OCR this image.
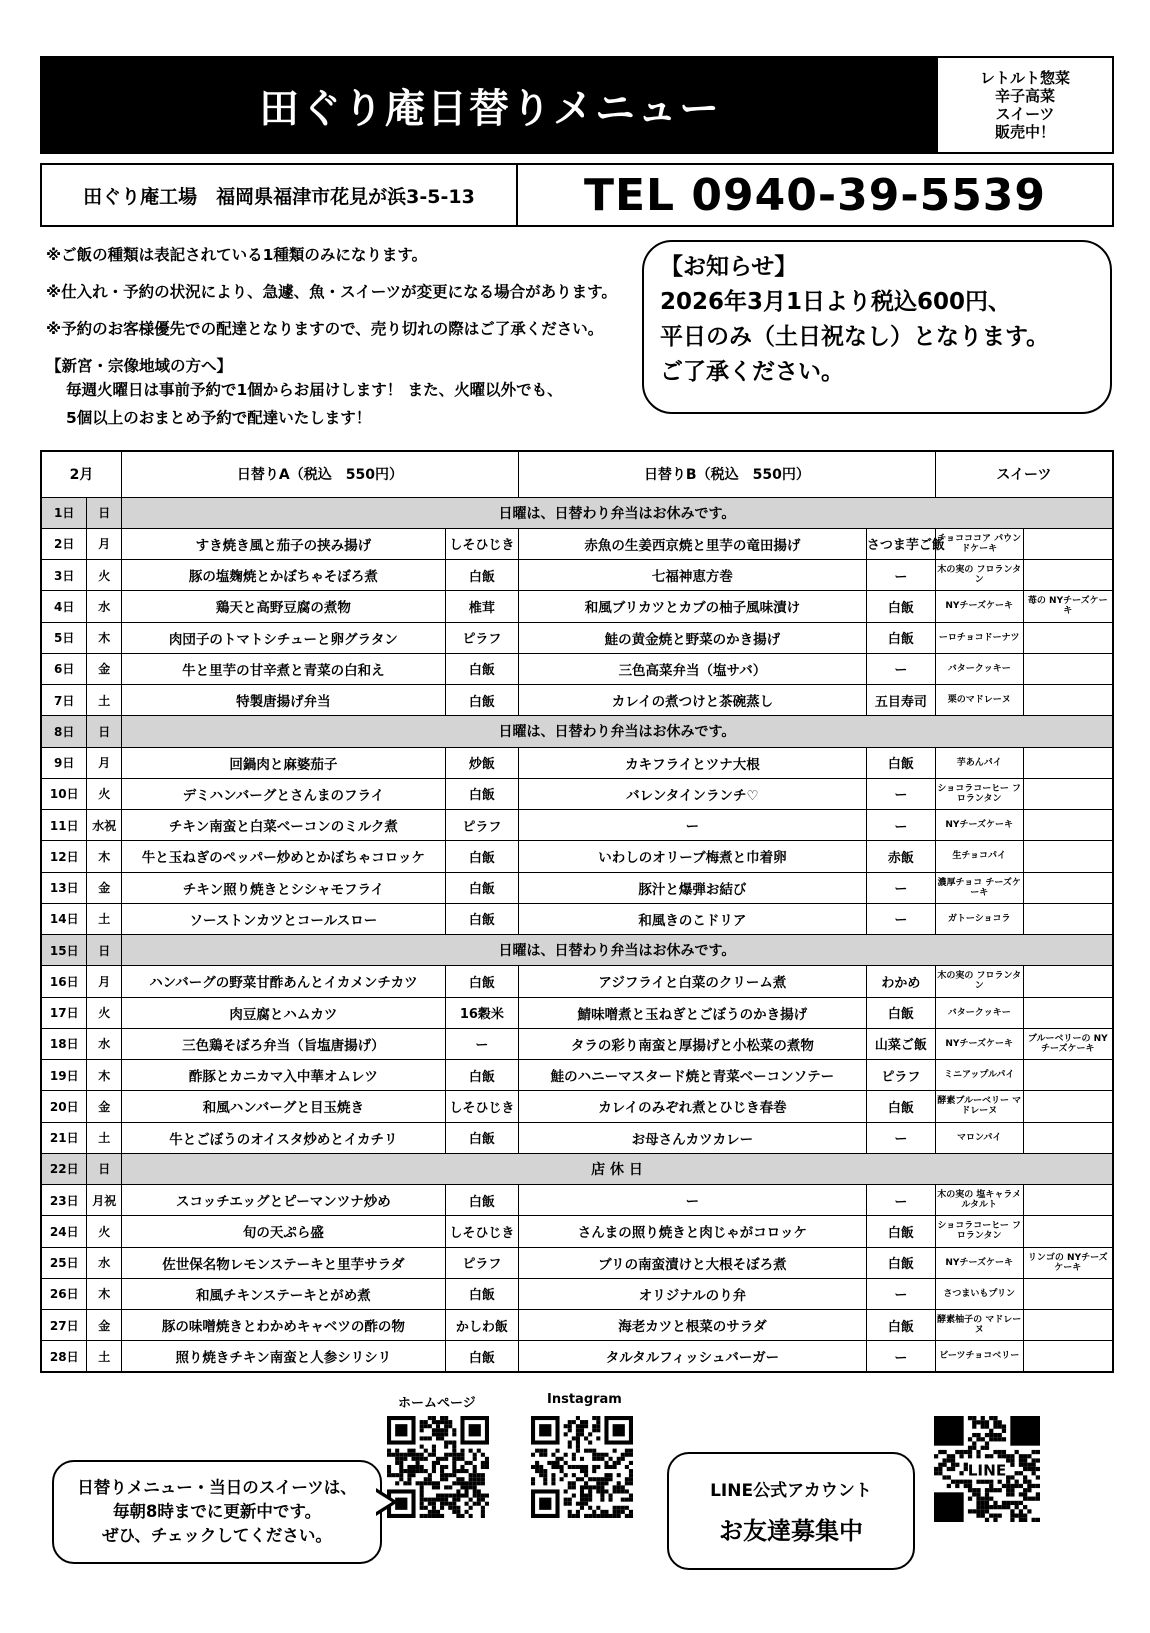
田ぐり庵日替りメニュー
レトルト惣菜
辛子高菜
スイーツ
販売中！
田ぐり庵工場　福岡県福津市花見が浜3-5-13	TEL 0940-39-5539
※ご飯の種類は表記されている1種類のみになります。
※仕入れ・予約の状況により、急遽、魚・スイーツが変更になる場合があります。
※予約のお客様優先での配達となりますので、売り切れの際はご了承ください。
【新宮・宗像地域の方へ】
毎週火曜日は事前予約で1個からお届けします！ また、火曜以外でも、
5個以上のおまとめ予約で配達いたします！
【お知らせ】
2026年3月1日より税込600円、
平日のみ（土日祝なし）となります。
ご了承ください。
2月		日替りA（税込　550円）		日替りB（税込　550円）		スイーツ	
1日	日	日曜は、日替わり弁当はお休みです。					
2日	月	すき焼き風と茄子の挟み揚げ	しそひじき	赤魚の生姜西京焼と里芋の竜田揚げ	さつま芋ご飯	チョコココア パウンドケーキ	
3日	火	豚の塩麹焼とかぼちゃそぼろ煮	白飯	七福神恵方巻	ー	木の実の フロランタン	
4日	水	鶏天と高野豆腐の煮物	椎茸	和風ブリカツとカブの柚子風味漬け	白飯	NYチーズケーキ	苺の NYチーズケーキ
5日	木	肉団子のトマトシチューと卵グラタン	ピラフ	鮭の黄金焼と野菜のかき揚げ	白飯	ーロチョコドーナツ	
6日	金	牛と里芋の甘辛煮と青菜の白和え	白飯	三色高菜弁当（塩サバ）	ー	バタークッキー	
7日	土	特製唐揚げ弁当	白飯	カレイの煮つけと茶碗蒸し	五目寿司	栗のマドレーヌ	
8日	日	日曜は、日替わり弁当はお休みです。					
9日	月	回鍋肉と麻婆茄子	炒飯	カキフライとツナ大根	白飯	芋あんパイ	
10日	火	デミハンバーグとさんまのフライ	白飯	バレンタインランチ♡	ー	ショコラコーヒー フロランタン	
11日	水祝	チキン南蛮と白菜ベーコンのミルク煮	ピラフ	ー	ー	NYチーズケーキ	
12日	木	牛と玉ねぎのペッパー炒めとかぼちゃコロッケ	白飯	いわしのオリーブ梅煮と巾着卵	赤飯	生チョコパイ	
13日	金	チキン照り焼きとシシャモフライ	白飯	豚汁と爆弾お結び	ー	濃厚チョコ チーズケーキ	
14日	土	ソーストンカツとコールスロー	白飯	和風きのこドリア	ー	ガトーショコラ	
15日	日	日曜は、日替わり弁当はお休みです。					
16日	月	ハンバーグの野菜甘酢あんとイカメンチカツ	白飯	アジフライと白菜のクリーム煮	わかめ	木の実の フロランタン	
17日	火	肉豆腐とハムカツ	16穀米	鯖味噌煮と玉ねぎとごぼうのかき揚げ	白飯	バタークッキー	
18日	水	三色鶏そぼろ弁当（旨塩唐揚げ）	ー	タラの彩り南蛮と厚揚げと小松菜の煮物	山菜ご飯	NYチーズケーキ	ブルーベリーの NYチーズケーキ
19日	木	酢豚とカニカマ入中華オムレツ	白飯	鮭のハニーマスタード焼と青菜ベーコンソテー	ピラフ	ミニアップルパイ	
20日	金	和風ハンバーグと目玉焼き	しそひじき	カレイのみぞれ煮とひじき春巻	白飯	酵素ブルーベリー マドレーヌ	
21日	土	牛とごぼうのオイスタ炒めとイカチリ	白飯	お母さんカツカレー	ー	マロンパイ	
22日	日	店 休 日					
23日	月祝	スコッチエッグとピーマンツナ炒め	白飯	ー	ー	木の実の 塩キャラメルタルト	
24日	火	旬の天ぷら盛	しそひじき	さんまの照り焼きと肉じゃがコロッケ	白飯	ショコラコーヒー フロランタン	
25日	水	佐世保名物レモンステーキと里芋サラダ	ピラフ	ブリの南蛮漬けと大根そぼろ煮	白飯	NYチーズケーキ	リンゴの NYチーズケーキ
26日	木	和風チキンステーキとがめ煮	白飯	オリジナルのり弁	ー	さつまいもプリン	
27日	金	豚の味噌焼きとわかめキャベツの酢の物	かしわ飯	海老カツと根菜のサラダ	白飯	酵素柚子の マドレーヌ	
28日	土	照り焼きチキン南蛮と人参シリシリ	白飯	タルタルフィッシュバーガー	ー	ビーツチョコベリー	
ホームページ	Instagram
日替りメニュー・当日のスイーツは、
毎朝8時までに更新中です。
ぜひ、チェックしてください。
LINE公式アカウント
お友達募集中
LINE
